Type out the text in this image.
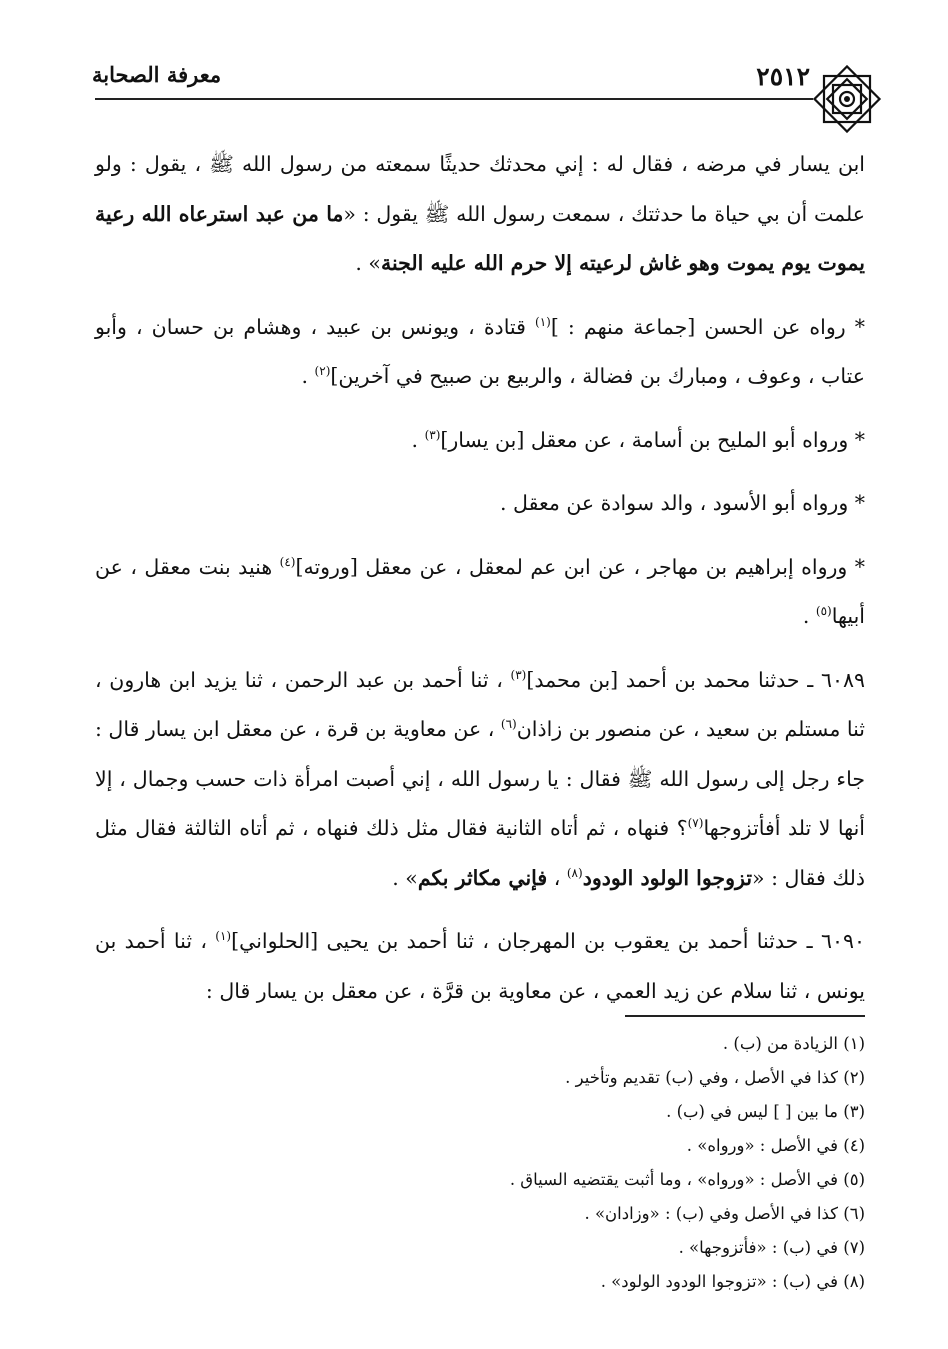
٢٥١٢
معرفة الصحابة

ابن يسار في مرضه ، فقال له : إني محدثك حديثًا سمعته من رسول الله ﷺ ، يقول : ولو علمت أن بي حياة ما حدثتك ، سمعت رسول الله ﷺ يقول : «ما من عبد استرعاه الله رعية يموت يوم يموت وهو غاش لرعيته إلا حرم الله عليه الجنة» .

* رواه عن الحسن [جماعة منهم : ]$^{(١)}$ قتادة ، ويونس بن عبيد ، وهشام بن حسان ، وأبو عتاب ، وعوف ، ومبارك بن فضالة ، والربيع بن صبيح في آخرين]$^{(٢)}$ .

* ورواه أبو المليح بن أسامة ، عن معقل [بن يسار]$^{(٣)}$ .

* ورواه أبو الأسود ، والد سوادة عن معقل .

* ورواه إبراهيم بن مهاجر ، عن ابن عم لمعقل ، عن معقل [وروته]$^{(٤)}$ هنيد بنت معقل ، عن أبيها$^{(٥)}$ .

٦٠٨٩ ـ حدثنا محمد بن أحمد [بن محمد]$^{(٣)}$ ، ثنا أحمد بن عبد الرحمن ، ثنا يزيد ابن هارون ، ثنا مستلم بن سعيد ، عن منصور بن زاذان$^{(٦)}$ ، عن معاوية بن قرة ، عن معقل ابن يسار قال : جاء رجل إلى رسول الله ﷺ فقال : يا رسول الله ، إني أصبت امرأة ذات حسب وجمال ، إلا أنها لا تلد أفأتزوجها$^{(٧)}$؟ فنهاه ، ثم أتاه الثانية فقال مثل ذلك فنهاه ، ثم أتاه الثالثة فقال مثل ذلك فقال : «تزوجوا الولود الودود$^{(٨)}$ ، فإني مكاثر بكم» .

٦٠٩٠ ـ حدثنا أحمد بن يعقوب بن المهرجان ، ثنا أحمد بن يحيى [الحلواني]$^{(١)}$ ، ثنا أحمد بن يونس ، ثنا سلام عن زيد العمي ، عن معاوية بن قرَّة ، عن معقل بن يسار قال :

(١) الزيادة من (ب) .
(٢) كذا في الأصل ، وفي (ب) تقديم وتأخير .
(٣) ما بين [ ] ليس في (ب) .
(٤) في الأصل : «ورواه» .
(٥) في الأصل : «ورواه» ، وما أثبت يقتضيه السياق .
(٦) كذا في الأصل وفي (ب) : «وزادان» .
(٧) في (ب) : «فأتزوجها» .
(٨) في (ب) : «تزوجوا الودود الولود» .
